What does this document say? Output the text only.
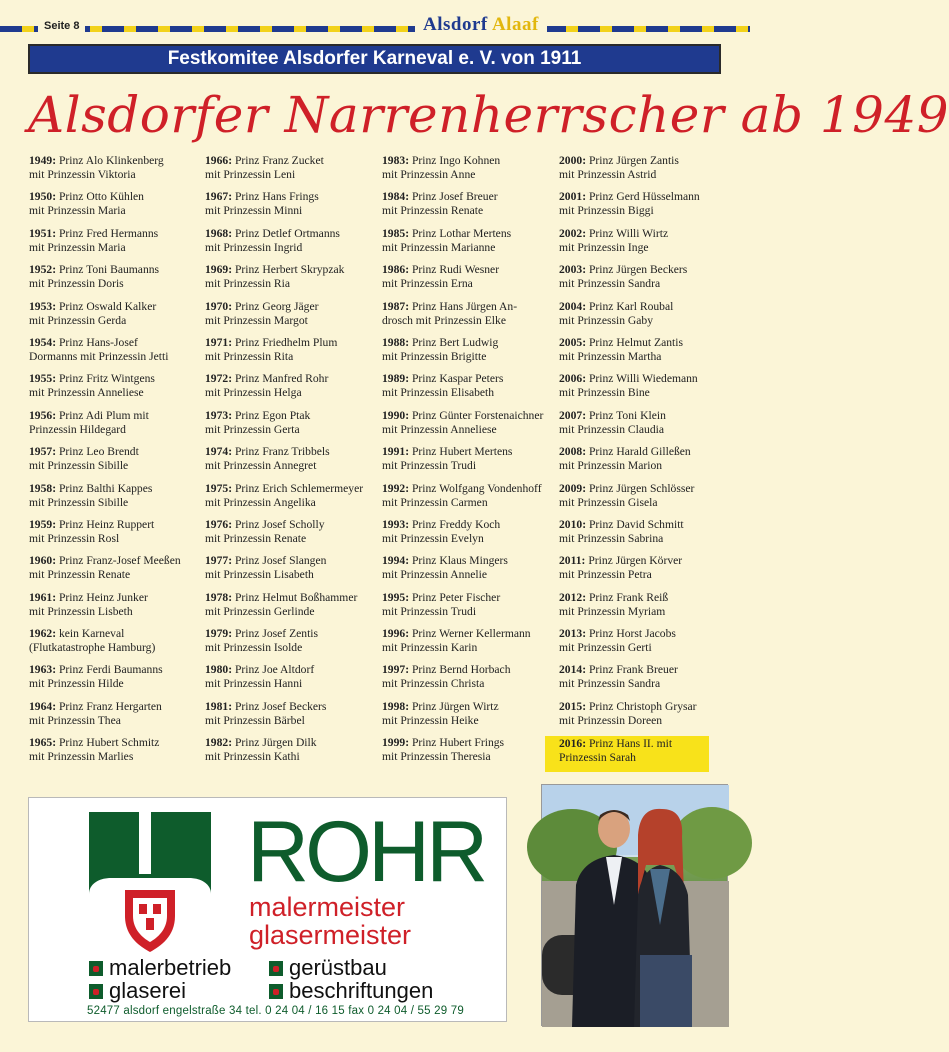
Seite 8	Alsdorf Alaaf
Festkomitee Alsdorfer Karneval e. V. von 1911
Alsdorfer Narrenherrscher ab 1949
1949: Prinz Alo Klinkenberg
mit Prinzessin Viktoria
1950: Prinz Otto Kühlen
mit Prinzessin Maria
1951: Prinz Fred Hermanns
mit Prinzessin Maria
1952: Prinz Toni Baumanns
mit Prinzessin Doris
1953: Prinz Oswald Kalker
mit Prinzessin Gerda
1954: Prinz Hans-Josef
Dormanns mit Prinzessin Jetti
1955: Prinz Fritz Wintgens
mit Prinzessin Anneliese
1956: Prinz Adi Plum mit
Prinzessin Hildegard
1957: Prinz Leo Brendt
mit Prinzessin Sibille
1958: Prinz Balthi Kappes
mit Prinzessin Sibille
1959: Prinz Heinz Ruppert
mit Prinzessin Rosl
1960: Prinz Franz-Josef Meeßen
mit Prinzessin Renate
1961: Prinz Heinz Junker
mit Prinzessin Lisbeth
1962: kein Karneval
(Flutkatastrophe Hamburg)
1963: Prinz Ferdi Baumanns
mit Prinzessin Hilde
1964: Prinz Franz Hergarten
mit Prinzessin Thea
1965: Prinz Hubert Schmitz
mit Prinzessin Marlies
1966: Prinz Franz Zucket
mit Prinzessin Leni
1967: Prinz Hans Frings
mit Prinzessin Minni
1968: Prinz Detlef Ortmanns
mit Prinzessin Ingrid
1969: Prinz Herbert Skrypzak
mit Prinzessin Ria
1970: Prinz Georg Jäger
mit Prinzessin Margot
1971: Prinz Friedhelm Plum
mit Prinzessin Rita
1972: Prinz Manfred Rohr
mit Prinzessin Helga
1973: Prinz Egon Ptak
mit Prinzessin Gerta
1974: Prinz Franz Tribbels
mit Prinzessin Annegret
1975: Prinz Erich Schlemermeyer
mit Prinzessin Angelika
1976: Prinz Josef Scholly
mit Prinzessin Renate
1977: Prinz Josef Slangen
mit Prinzessin Lisabeth
1978: Prinz Helmut Boßhammer
mit Prinzessin Gerlinde
1979: Prinz Josef Zentis
mit Prinzessin Isolde
1980: Prinz Joe Altdorf
mit Prinzessin Hanni
1981: Prinz Josef Beckers
mit Prinzessin Bärbel
1982: Prinz Jürgen Dilk
mit Prinzessin Kathi
1983: Prinz Ingo Kohnen
mit Prinzessin Anne
1984: Prinz Josef Breuer
mit Prinzessin Renate
1985: Prinz Lothar Mertens
mit Prinzessin Marianne
1986: Prinz Rudi Wesner
mit Prinzessin Erna
1987: Prinz Hans Jürgen An-
drosch mit Prinzessin Elke
1988: Prinz Bert Ludwig
mit Prinzessin Brigitte
1989: Prinz Kaspar Peters
mit Prinzessin Elisabeth
1990: Prinz Günter Forstenaichner
mit Prinzessin Anneliese
1991: Prinz Hubert Mertens
mit Prinzessin Trudi
1992: Prinz Wolfgang Vondenhoff
mit Prinzessin Carmen
1993: Prinz Freddy Koch
mit Prinzessin Evelyn
1994: Prinz Klaus Mingers
mit Prinzessin Annelie
1995: Prinz Peter Fischer
mit Prinzessin Trudi
1996: Prinz Werner Kellermann
mit Prinzessin Karin
1997: Prinz Bernd Horbach
mit Prinzessin Christa
1998: Prinz Jürgen Wirtz
mit Prinzessin Heike
1999: Prinz Hubert Frings
mit Prinzessin Theresia
2000: Prinz Jürgen Zantis
mit Prinzessin Astrid
2001: Prinz Gerd Hüsselmann
mit Prinzessin Biggi
2002: Prinz Willi Wirtz
mit Prinzessin Inge
2003: Prinz Jürgen Beckers
mit Prinzessin Sandra
2004: Prinz Karl Roubal
mit Prinzessin Gaby
2005: Prinz Helmut Zantis
mit Prinzessin Martha
2006: Prinz Willi Wiedemann
mit Prinzessin Bine
2007: Prinz Toni Klein
mit Prinzessin Claudia
2008: Prinz Harald Gilleßen
mit Prinzessin Marion
2009: Prinz Jürgen Schlösser
mit Prinzessin Gisela
2010: Prinz David Schmitt
mit Prinzessin Sabrina
2011: Prinz Jürgen Körver
mit Prinzessin Petra
2012: Prinz Frank Reiß
mit Prinzessin Myriam
2013: Prinz Horst Jacobs
mit Prinzessin Gerti
2014: Prinz Frank Breuer
mit Prinzessin Sandra
2015: Prinz Christoph Grysar
mit Prinzessin Doreen
2016: Prinz Hans II. mit
Prinzessin Sarah
ROHR
malermeister
glasermeister
malerbetrieb
glaserei
gerüstbau
beschriftungen
52477 alsdorf engelstraße 34 tel. 0 24 04 / 16 15 fax 0 24 04 / 55 29 79
